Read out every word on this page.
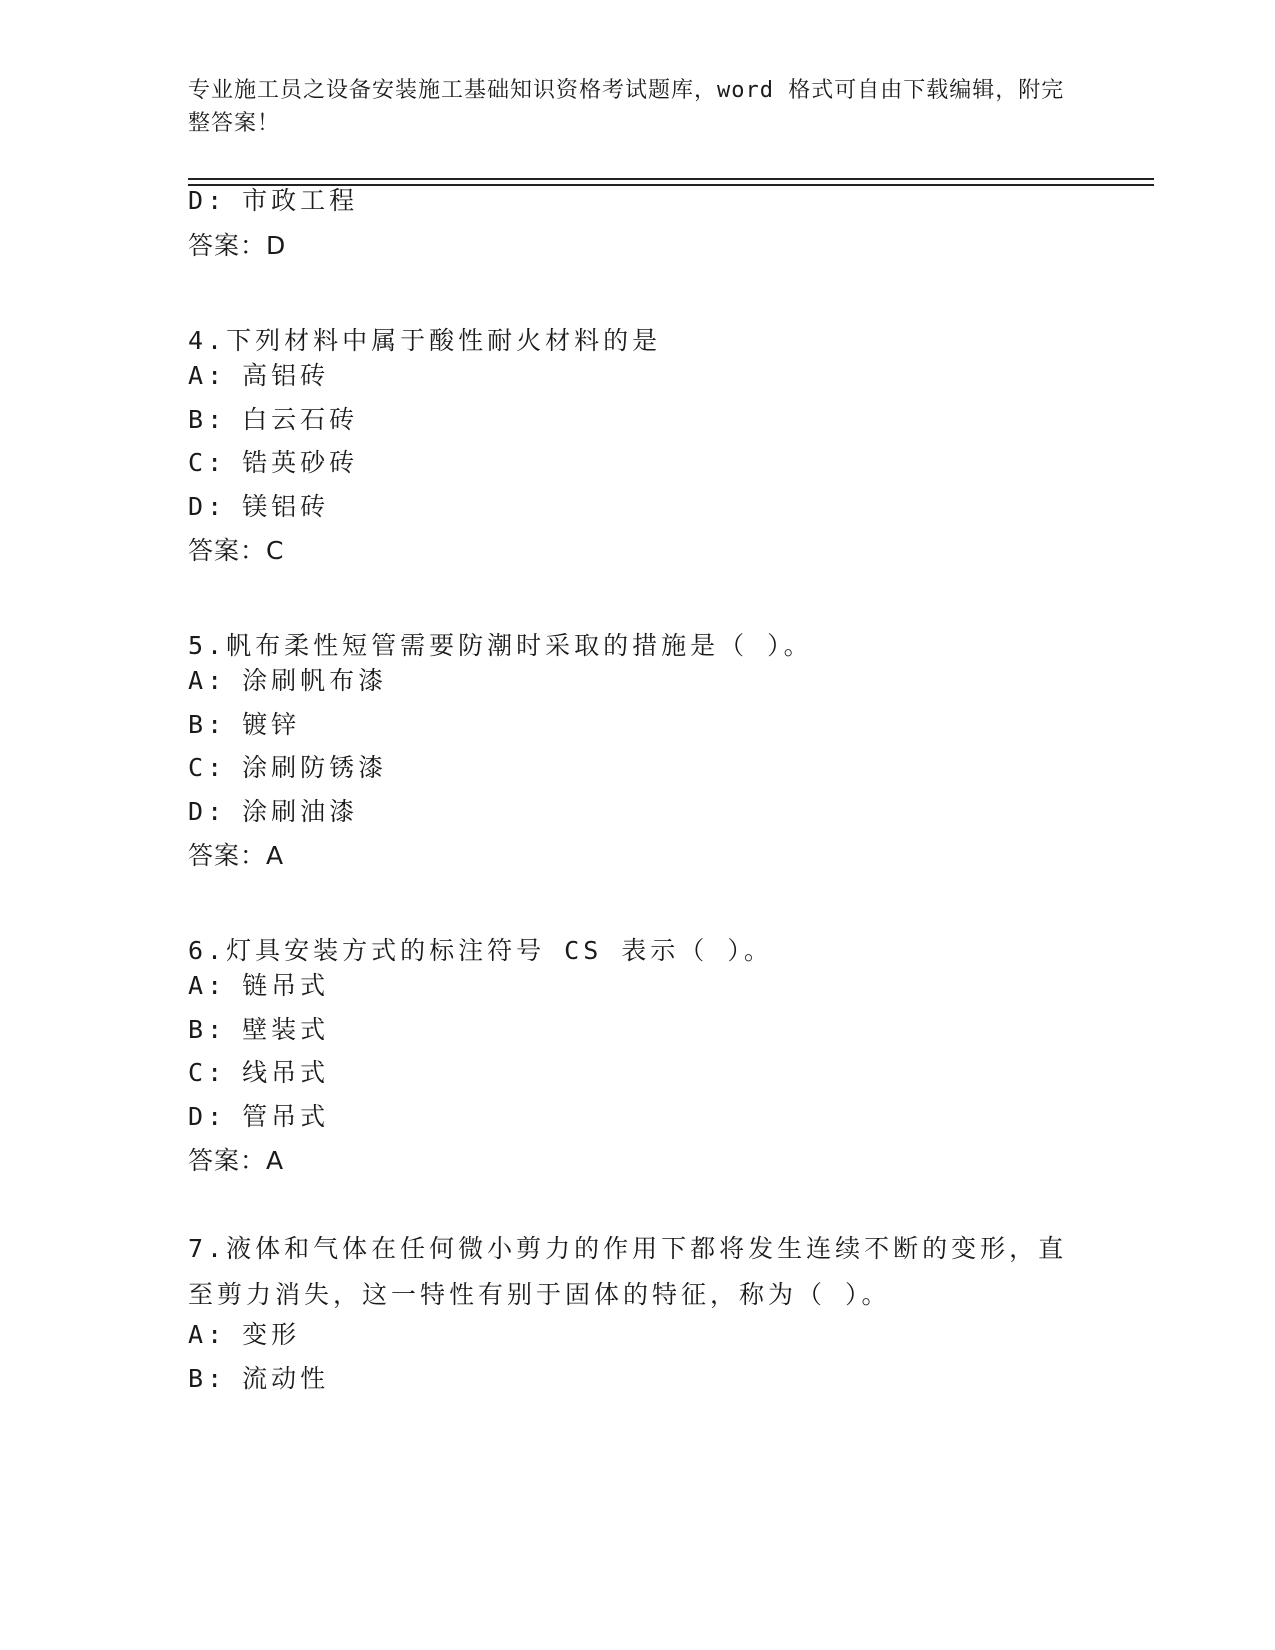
专业施工员之设备安装施工基础知识资格考试题库，word 格式可自由下载编辑，附完整答案！
D: 市政工程
答案：D
4.下列材料中属于酸性耐火材料的是
A: 高铝砖
B: 白云石砖
C: 锆英砂砖
D: 镁铝砖
答案：C
5.帆布柔性短管需要防潮时采取的措施是（ ）。
A: 涂刷帆布漆
B: 镀锌
C: 涂刷防锈漆
D: 涂刷油漆
答案：A
6.灯具安装方式的标注符号 CS 表示（ ）。
A: 链吊式
B: 壁装式
C: 线吊式
D: 管吊式
答案：A
7.液体和气体在任何微小剪力的作用下都将发生连续不断的变形，直至剪力消失，这一特性有别于固体的特征，称为（ ）。
A: 变形
B: 流动性
